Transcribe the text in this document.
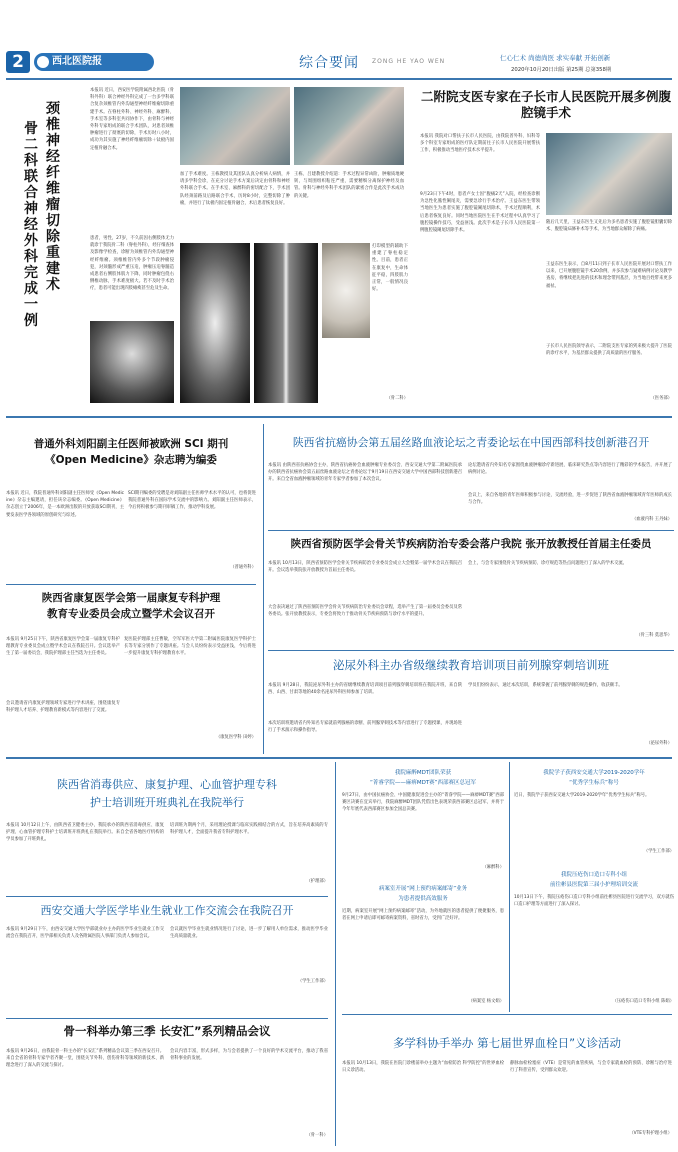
2	西北医院报	综合要闻 ZONG HE YAO WEN	仁心仁术 尚德尚医 求实奉献 开拓创新
2020年10月20日出版 第25期 总第358期
颈椎神经纤维瘤切除重建术
骨二科联合神经外科完成一例
本报讯 近日，西安医学院附属西北医院（骨科外科）联合神经外科完成了一台多学科联合复杂颈椎管内外沟通型神经纤维瘤切除重建手术。在脊柱外科、神经外科、麻醉科、手术室等多科室共同协作下，由骨科与神经外科专家组成的联合手术团队，对患者颈椎肿瘤进行了彻底的切除，手术历时八小时，成功为其实施了神经纤维瘤切除＋钛板内固定植骨融合术。
患者，男性，27岁，不久前因右侧肢体无力就诊于我院骨二科（脊柱外科），经仔细查体及影像学检查，诊断为颈椎管内外沟通型神经纤维瘤。颈椎椎管内外多个节段肿瘤侵犯，对颈髓形成严重压迫，肿瘤压迫脊髓造成患者右侧肢体肌力下降，同时肿瘤包绕右侧椎动脉，手术难度极大。若不及时手术治疗，患者可能出现四肢瘫痪甚至危及生命。
加了手术难度。王栋教授及其团队认真分析病人病情，并请多学科会诊，在充分讨论手术方案后决定由骨科和神经外科联合手术。在手术室、麻醉科的密切配合下，手术团队经颈前路及后路联合手术，历时8小时，完整切除了肿瘤，并进行了钛板内固定植骨融合，术后患者恢复良好。
王栋、吕建教授介绍道：手术过程异常凶险，肿瘤质地硬韧，与周围组织粘连严重，需要精细分离保护神经及血管。骨科与神经外科手术团队的紧密合作是此次手术成功的关键。
打印模型的辅助下重建了脊柱稳定性。目前，患者正在康复中，生命体征平稳，四肢肌力正常，一般情况良好。
（骨二科）
二附院支医专家在子长市人民医院开展多例腹腔镜手术
本报讯 我院对口帮扶子长市人民医院，由我院普外科、妇科等多个科室专家组成的医疗队定期前往子长市人民医院开展帮扶工作，积极推动当地医疗技术水平提升。
9月23日下午4时，患者卢女士因“腹痛2天”入院，经检查诊断为急性化脓性阑尾炎，需要急诊行手术治疗。王益东医生带领当地医生为患者实施了腹腔镜阑尾切除术，手术过程顺利，术后患者恢复良好。同时当地医院医生在手术过程中认真学习了腹腔镜操作技巧，受益匪浅。此次手术是子长市人民医院第一例腹腔镜阑尾切除手术。
随后几天里，王益东医生又先后为多名患者实施了腹腔镜胆囊切除术、腹腔镜疝修补术等手术，为当地群众解除了病痛。
王益东医生表示，自8月11日到子长市人民医院开展对口帮扶工作以来，已开展腹腔镜手术20余例，并多次参与疑难病例讨论及教学查房，将继续把先进的技术和理念带到基层，为当地百姓带来更多福祉。
子长市人民医院领导表示，二附院支医专家的到来极大提升了医院的诊疗水平，为基层群众提供了高质量的医疗服务。
（医务部）
普通外科刘阳副主任医师被欧洲 SCI 期刊
《Open Medicine》杂志聘为编委
本报讯 近日，我院普通外科刘阳副主任医师受《Open Medicine》杂志主编邀请，担任该杂志编委。《Open Medicine》杂志创立于2006年，是一本欧洲出版的开放获取SCI期刊，主要发表医学各领域的原创研究与综述。
SCI期刊编委的受聘是对刘阳副主任医师学术水平的认可，也将促进我院普通外科在国际学术交流中的影响力。刘阳副主任医师表示，今后将积极参与期刊审稿工作，推动学科发展。
（普通外科）
陕西省康复医学会第一届康复专科护理
教育专业委员会成立暨学术会议召开
本报讯 9月25日下午，陕西省康复医学会第一届康复专科护理教育专业委员会成立暨学术会议在我院召开。会议选举产生了第一届委员会，我院护理部主任当选为主任委员。
会议邀请省内康复护理领域专家进行学术讲座，围绕康复专科护理人才培养、护理教育新模式等内容进行了交流。
复医院护理部主任曹敏，空军军医大学第二附属医院康复医学科护士长等专家分别作了专题讲座。与会人员纷纷表示受益匪浅，今后将进一步提升康复专科护理教育水平。
（康复医学科 田婷）
陕西省抗癌协会第五届丝路血液论坛之青委论坛在中国西部科技创新港召开
本报讯 由陕西省抗癌协会主办，陕西省抗癌协会血液肿瘤专业委员会、西安交通大学第二附属医院承办的陕西省抗癌协会第五届丝路血液论坛之青委论坛于9月19日在西安交通大学中国西部科技创新港召开。来自全省血液肿瘤领域的青年专家学者参加了本次会议。
论坛邀请省内外知名专家围绕血液肿瘤诊疗新进展、临床研究热点等内容进行了精彩的学术报告，并开展了病例讨论。
会议上，来自各地的青年医师积极参与讨论，交流经验，进一步促进了陕西省血液肿瘤领域青年医师的成长与合作。
（血液内科 王丹妹）
陕西省预防医学会骨关节疾病防治专委会落户我院 张开放教授任首届主任委员
本报讯 10月13日，陕西省预防医学会骨关节疾病防治专业委员会成立大会暨第一届学术会议在我院召开。会议选举我院张开放教授为首届主任委员。
大会表决通过了陕西省预防医学会骨关节疾病防治专业委员会章程，选举产生了第一届委员会委员及常务委员。张开放教授表示，专委会将致力于推动骨关节疾病预防与诊疗水平的提升。
会上，与会专家围绕骨关节疾病预防、诊疗规范等热点问题进行了深入的学术交流。
（骨三科 莫思华）
泌尿外科主办省级继续教育培训项目前列腺穿刺培训班
本报讯 9月28日，我院泌尿外科主办的省级继续教育培训项目前列腺穿刺培训班在我院开班，来自陕西、山西、甘肃等地的40余名泌尿外科医师参加了培训。
本次培训班邀请省内外知名专家就前列腺癌的诊断、前列腺穿刺技术等内容进行了专题授课，并现场进行了手术演示和操作指导。
学员们纷纷表示，通过本次培训，系统掌握了前列腺穿刺的规范操作，收获颇丰。
（泌尿外科）
陕西省消毒供应、康复护理、心血管护理专科
护士培训班开班典礼在我院举行
本报讯 10月12日上午，由陕西省卫健委主办，我院承办的陕西省消毒供应、康复护理、心血管护理专科护士培训班开班典礼在我院举行。来自全省各地医疗机构的学员参加了开班典礼。
培训班为期两个月，采用理论授课与临床实践相结合的方式，旨在培养高素质的专科护理人才，全面提升我省专科护理水平。
（护理部）
西安交通大学医学毕业生就业工作交流会在我院召开
本报讯 9月29日下午，由西安交通大学医学部就业办主办的医学毕业生就业工作交流会在我院召开，医学部相关负责人及各附属医院人事部门负责人参加会议。
会议就医学毕业生就业情况进行了讨论，进一步了解用人单位需求，推动医学毕业生高质量就业。
（学生工作部）
骨一科举办第三季 长安汇”系列精品会议
本报讯 9月26日，由我院骨一科主办的“长安汇”系列精品会议第三季在西安召开。来自全省的骨科专家学者齐聚一堂，围绕关节外科、创伤骨科等领域的新技术、新理念进行了深入的交流与探讨。
会议内容丰富，形式多样，为与会者提供了一个良好的学术交流平台，推动了我省骨科事业的发展。
（骨一科）
我院麻醉MDT团队荣获
“菁睿学院——麻痹MDT赛”西部赛区总冠军
9月27日，由中国抗癌协会、中国健康促进会主办的“菁睿学院——麻痹MDT赛”西部赛区决赛在宜宾举行，我院麻醉MDT团队凭借出色表现荣获西部赛区总冠军，并将于今年年底代表西部赛区参加全国总决赛。
（麻醉科）
病案室开展“网上预约病案邮寄”业务
为患者提供高效服务
近期，病案室开展“网上预约病案邮寄”活动，为外地就医的患者提供了便捷服务，患者在网上申请后即可邮寄病案资料，省时省力，受到广泛好评。
（病案室 杨文娟）
我院学子获西安交通大学2019-2020学年
“优秀学生标兵”称号
近日，我院学子获西安交通大学2019-2020学年“优秀学生标兵”称号。
（学生工作部）
我院压疮伤口造口专科小组
前往彬县医院第三届小护理培训交流
10月13日下午，我院压疮伤口造口专科小组前往彬县医院进行交流学习，双方就伤口造口护理等方面进行了深入探讨。
（压疮伤口造口专科小组 陈娟）
多学科协手举办 第七届世界血栓日”义诊活动
本报讯 10月13日，我院在医院门诊楼前举办主题为“血栓防治 科学防控”的世界血栓日义诊活动。
静脉血栓栓塞症（VTE）是常见的血管疾病，与会专家就血栓的预防、诊断与治疗进行了科普宣传，受到群众欢迎。
（VTE专科护理小组）
